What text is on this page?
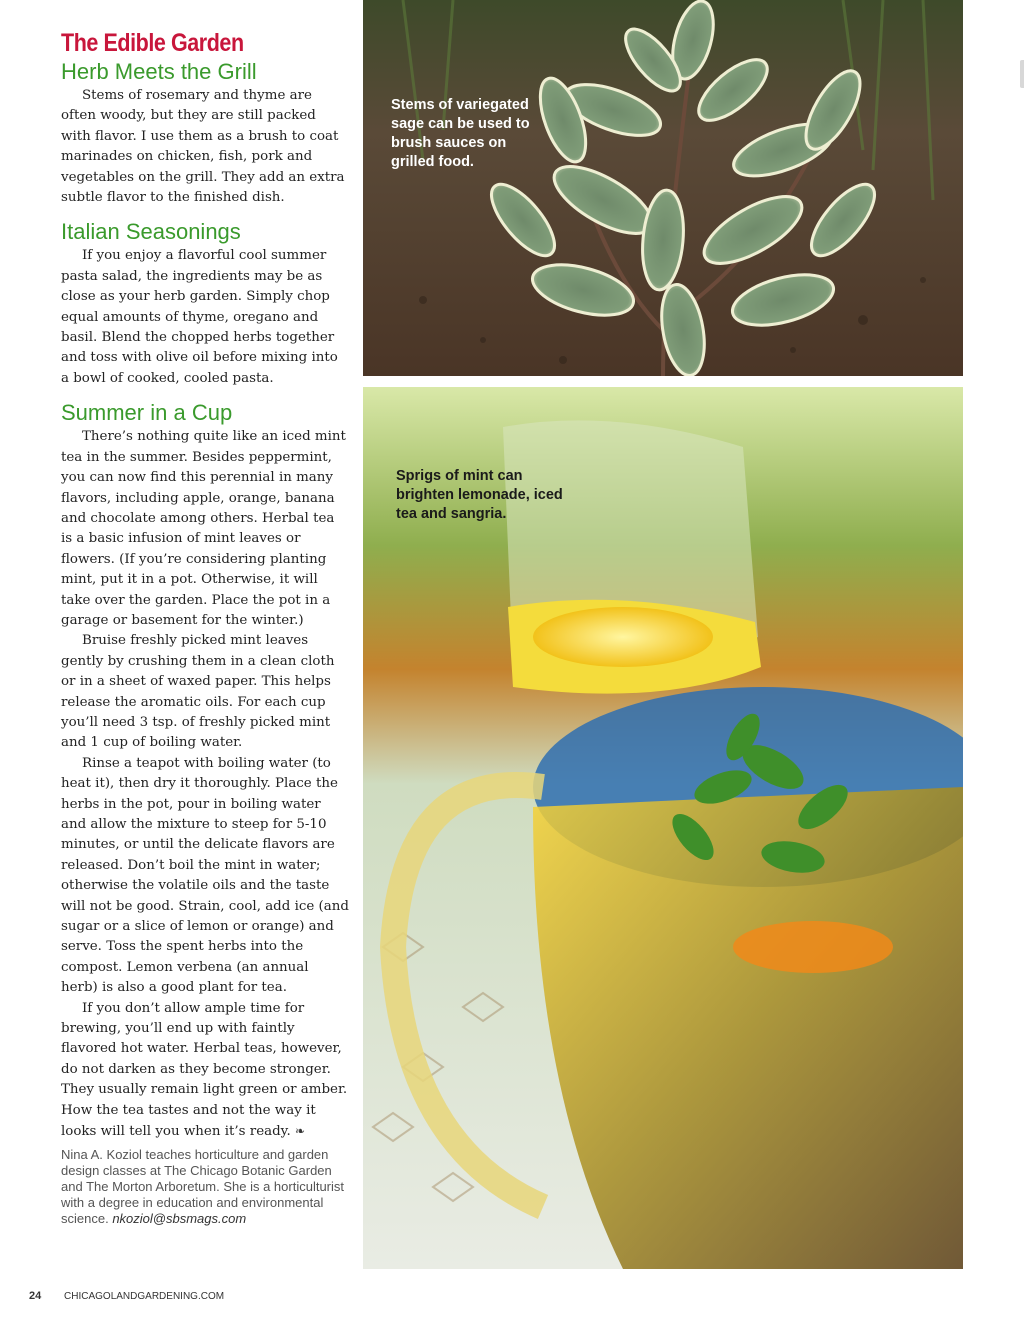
The Edible Garden
Herb Meets the Grill

Stems of rosemary and thyme are often woody, but they are still packed with flavor. I use them as a brush to coat marinades on chicken, fish, pork and vegetables on the grill. They add an extra subtle flavor to the finished dish.

Italian Seasonings

If you enjoy a flavorful cool summer pasta salad, the ingredients may be as close as your herb garden. Simply chop equal amounts of thyme, oregano and basil. Blend the chopped herbs together and toss with olive oil before mixing into a bowl of cooked, cooled pasta.

Summer in a Cup

There’s nothing quite like an iced mint tea in the summer. Besides peppermint, you can now find this perennial in many flavors, including apple, orange, banana and chocolate among others. Herbal tea is a basic infusion of mint leaves or flowers. (If you’re considering planting mint, put it in a pot. Otherwise, it will take over the garden. Place the pot in a garage or basement for the winter.)

Bruise freshly picked mint leaves gently by crushing them in a clean cloth or in a sheet of waxed paper. This helps release the aromatic oils. For each cup you’ll need 3 tsp. of freshly picked mint and 1 cup of boiling water.

Rinse a teapot with boiling water (to heat it), then dry it thoroughly. Place the herbs in the pot, pour in boiling water and allow the mixture to steep for 5-10 minutes, or until the delicate flavors are released. Don’t boil the mint in water; otherwise the volatile oils and the taste will not be good. Strain, cool, add ice (and sugar or a slice of lemon or orange) and serve. Toss the spent herbs into the compost. Lemon verbena (an annual herb) is also a good plant for tea.

If you don’t allow ample time for brewing, you’ll end up with faintly flavored hot water. Herbal teas, however, do not darken as they become stronger. They usually remain light green or amber. How the tea tastes and not the way it looks will tell you when it’s ready. ❧

Nina A. Koziol teaches horticulture and garden design classes at The Chicago Botanic Garden and The Morton Arboretum. She is a horticulturist with a degree in education and environmental science. nkoziol@sbsmags.com
Stems of variegated sage can be used to brush sauces on grilled food.
Sprigs of mint can brighten lemonade, iced tea and sangria.
24 CHICAGOLANDGARDENING.COM
